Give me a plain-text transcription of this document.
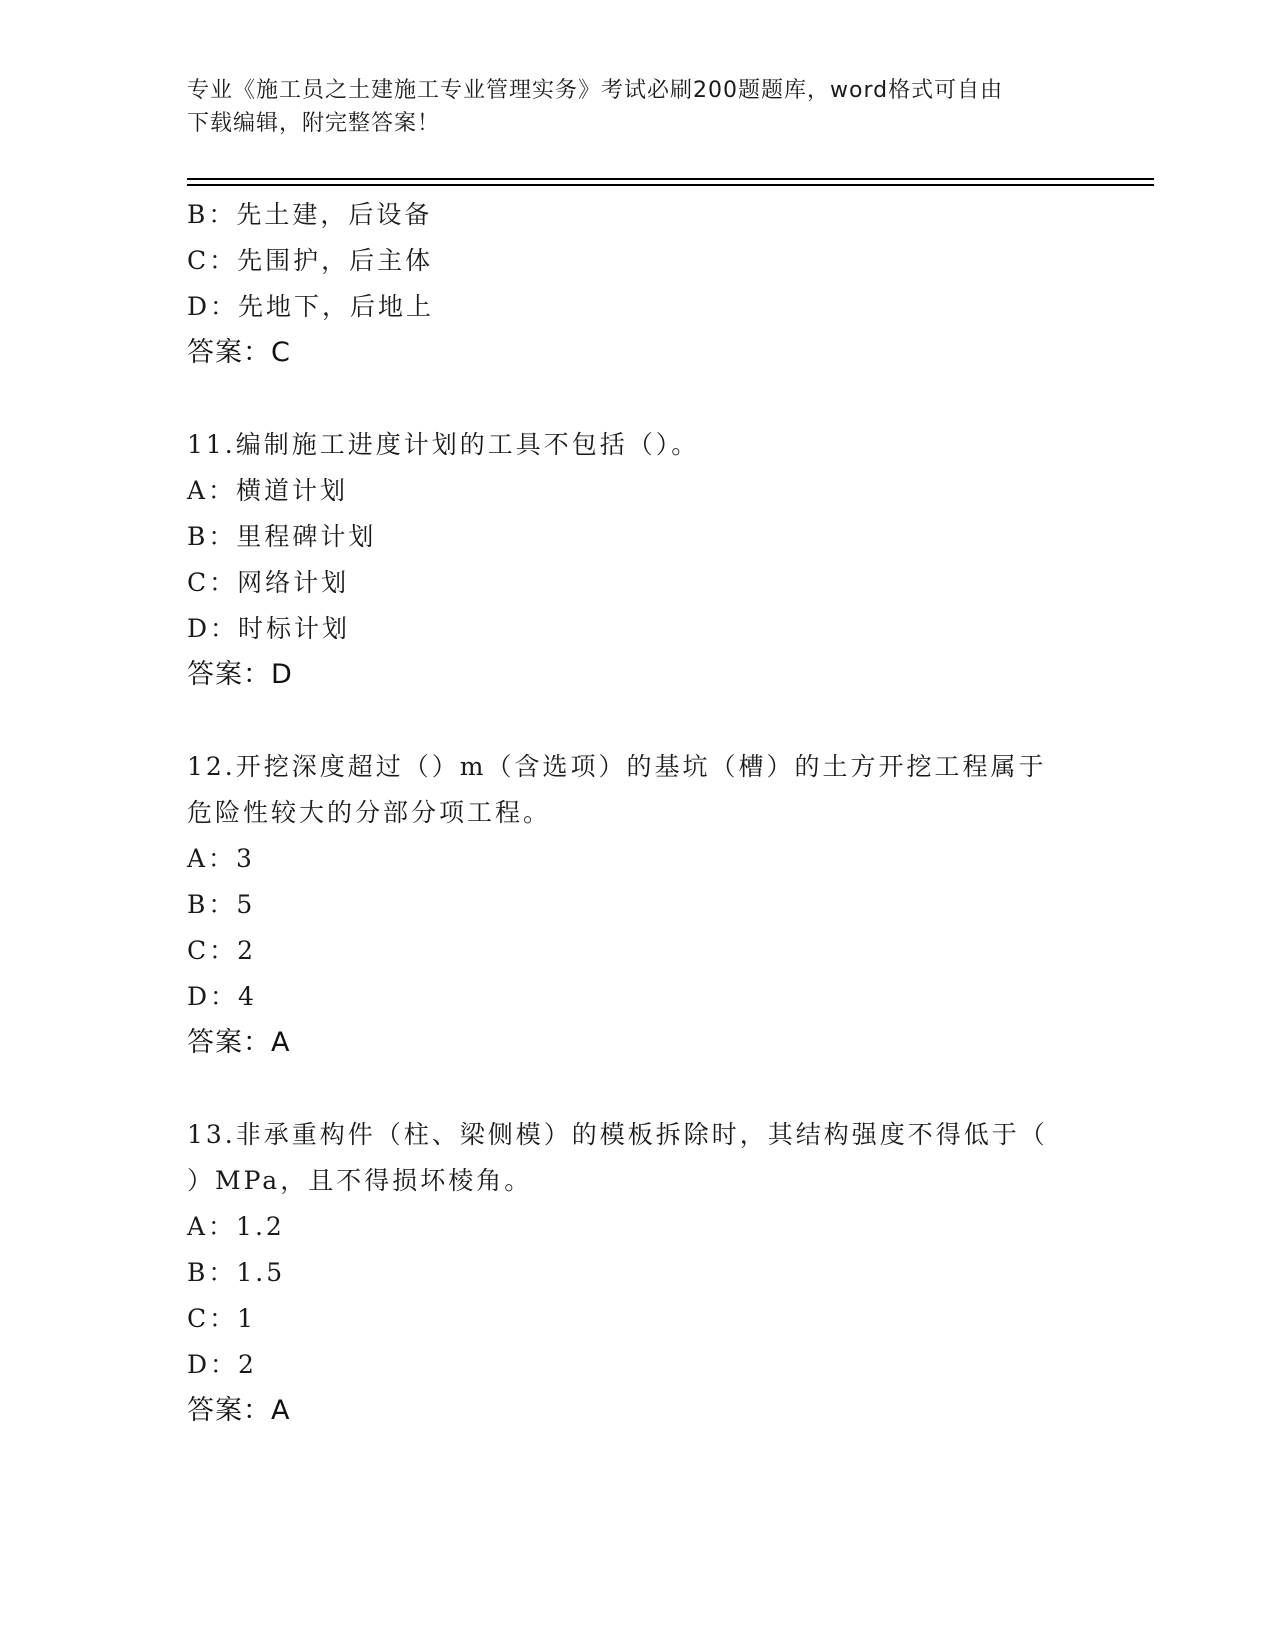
专业《施工员之土建施工专业管理实务》考试必刷200题题库，word格式可自由
下载编辑，附完整答案！
B：先土建，后设备
C：先围护，后主体
D：先地下，后地上
答案：C
11.编制施工进度计划的工具不包括（）。
A：横道计划
B：里程碑计划
C：网络计划
D：时标计划
答案：D
12.开挖深度超过（）m（含选项）的基坑（槽）的土方开挖工程属于
危险性较大的分部分项工程。
A：3
B：5
C：2
D：4
答案：A
13.非承重构件（柱、梁侧模）的模板拆除时，其结构强度不得低于（
）MPa，且不得损坏棱角。
A：1.2
B：1.5
C：1
D：2
答案：A
